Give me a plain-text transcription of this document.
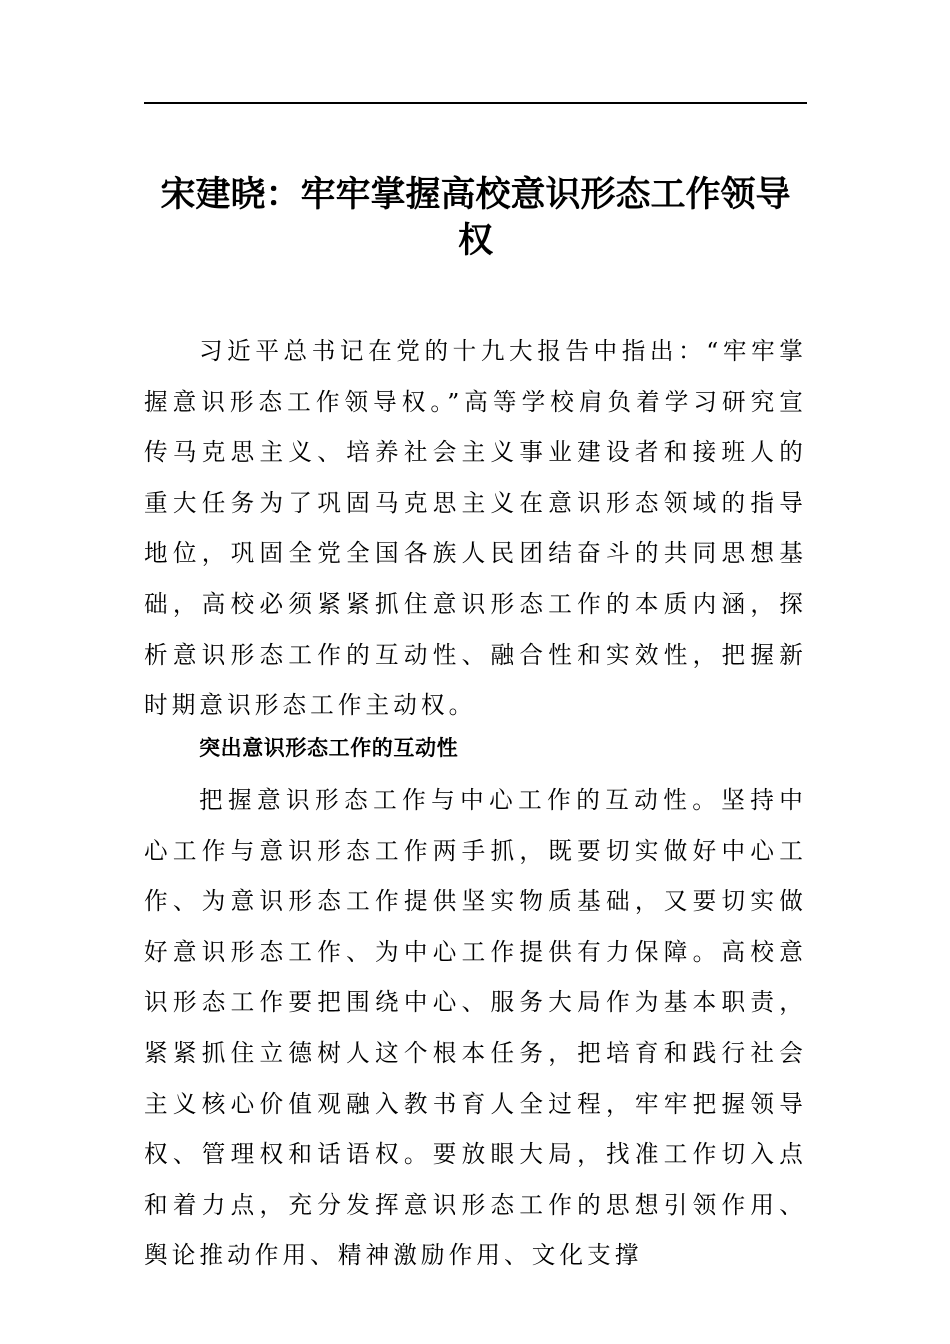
宋建晓：牢牢掌握高校意识形态工作领导权

习近平总书记在党的十九大报告中指出：“牢牢掌握意识形态工作领导权。”高等学校肩负着学习研究宣传马克思主义、培养社会主义事业建设者和接班人的重大任务为了巩固马克思主义在意识形态领域的指导地位，巩固全党全国各族人民团结奋斗的共同思想基础，高校必须紧紧抓住意识形态工作的本质内涵，探析意识形态工作的互动性、融合性和实效性，把握新时期意识形态工作主动权。

突出意识形态工作的互动性

把握意识形态工作与中心工作的互动性。坚持中心工作与意识形态工作两手抓，既要切实做好中心工作、为意识形态工作提供坚实物质基础，又要切实做好意识形态工作、为中心工作提供有力保障。高校意识形态工作要把围绕中心、服务大局作为基本职责，紧紧抓住立德树人这个根本任务，把培育和践行社会主义核心价值观融入教书育人全过程，牢牢把握领导权、管理权和话语权。要放眼大局，找准工作切入点和着力点，充分发挥意识形态工作的思想引领作用、舆论推动作用、精神激励作用、文化支撑
